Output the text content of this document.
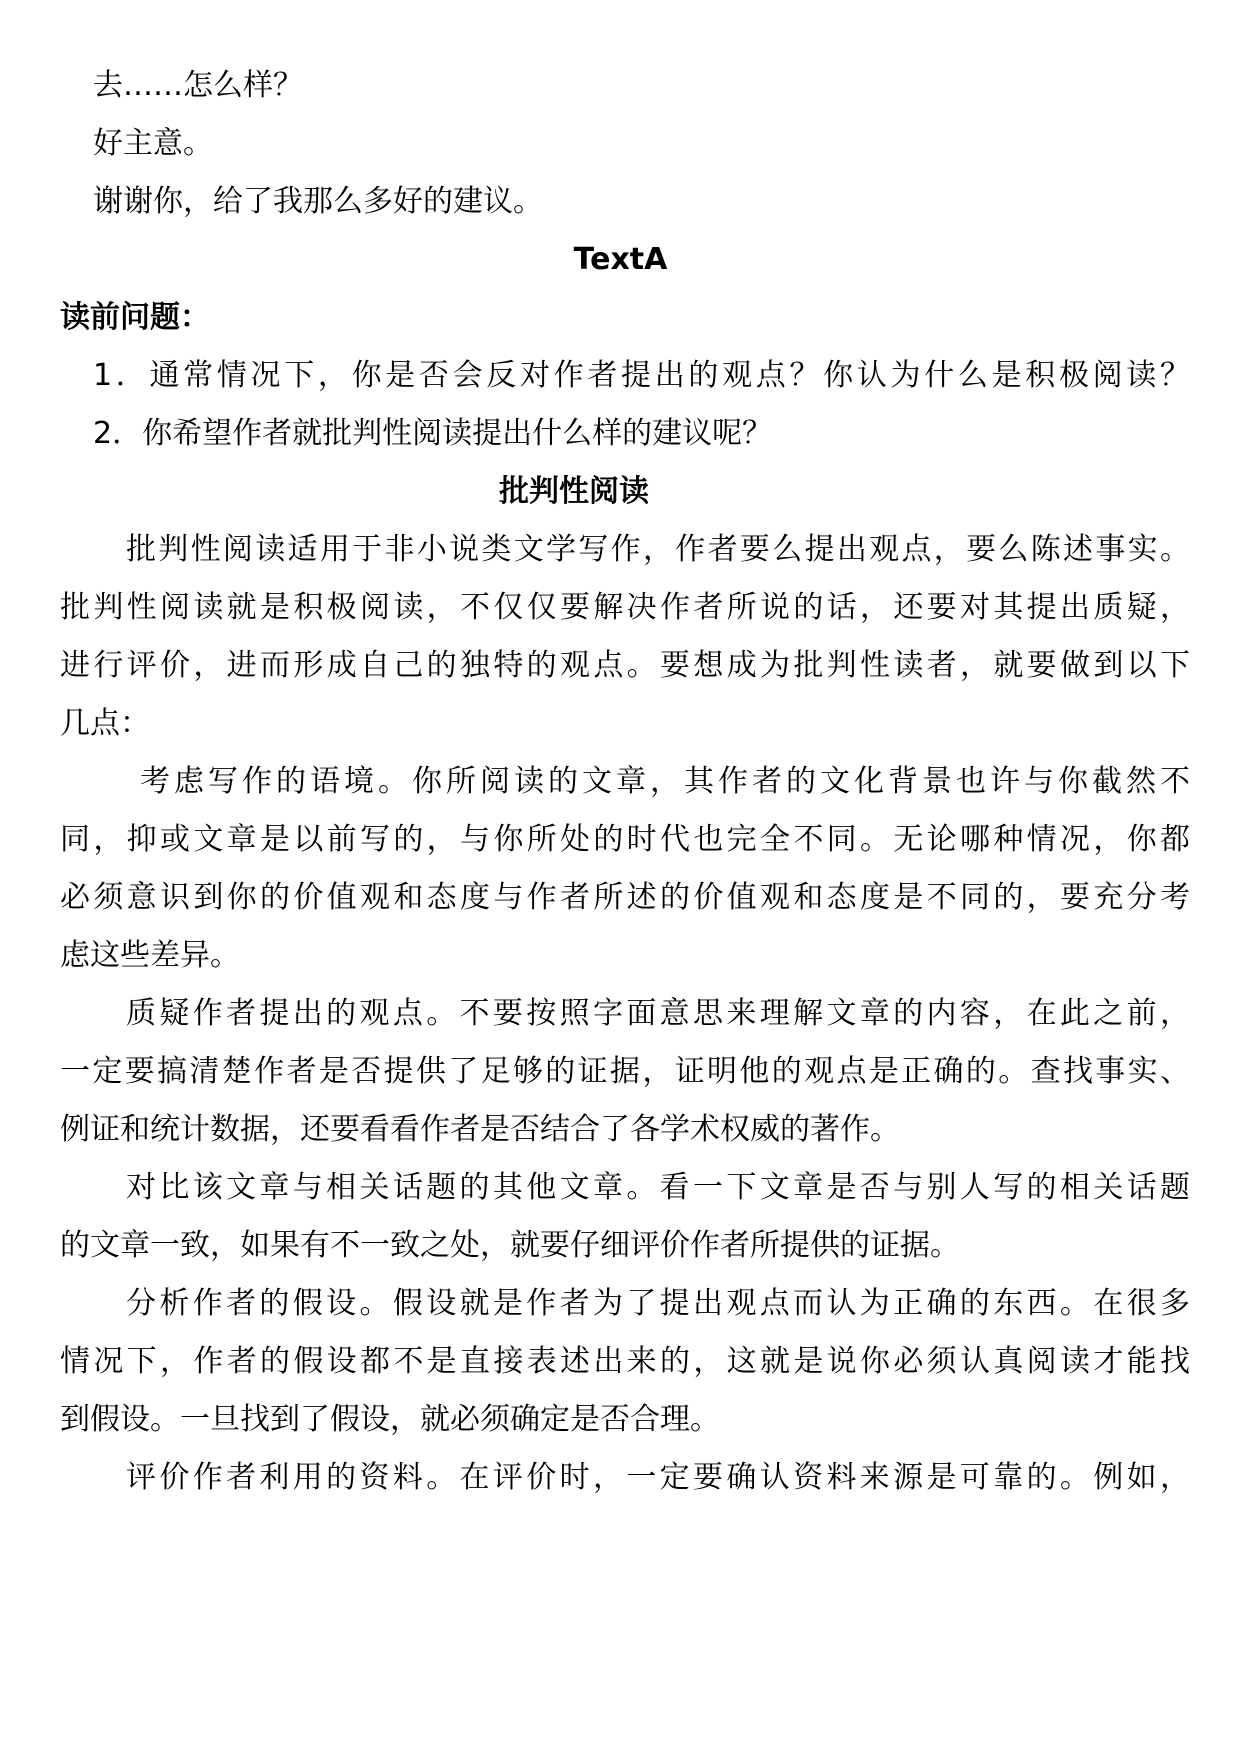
去……怎么样？
好主意。
谢谢你，给了我那么多好的建议。
TextA
读前问题：
1．通常情况下，你是否会反对作者提出的观点？你认为什么是积极阅读？
2．你希望作者就批判性阅读提出什么样的建议呢？
批判性阅读
批判性阅读适用于非小说类文学写作，作者要么提出观点，要么陈述事实。
批判性阅读就是积极阅读，不仅仅要解决作者所说的话，还要对其提出质疑，
进行评价，进而形成自己的独特的观点。要想成为批判性读者，就要做到以下
几点：
考虑写作的语境。你所阅读的文章，其作者的文化背景也许与你截然不
同，抑或文章是以前写的，与你所处的时代也完全不同。无论哪种情况，你都
必须意识到你的价值观和态度与作者所述的价值观和态度是不同的，要充分考
虑这些差异。
质疑作者提出的观点。不要按照字面意思来理解文章的内容，在此之前，
一定要搞清楚作者是否提供了足够的证据，证明他的观点是正确的。查找事实、
例证和统计数据，还要看看作者是否结合了各学术权威的著作。
对比该文章与相关话题的其他文章。看一下文章是否与别人写的相关话题
的文章一致，如果有不一致之处，就要仔细评价作者所提供的证据。
分析作者的假设。假设就是作者为了提出观点而认为正确的东西。在很多
情况下，作者的假设都不是直接表述出来的，这就是说你必须认真阅读才能找
到假设。一旦找到了假设，就必须确定是否合理。
评价作者利用的资料。在评价时，一定要确认资料来源是可靠的。例如，
